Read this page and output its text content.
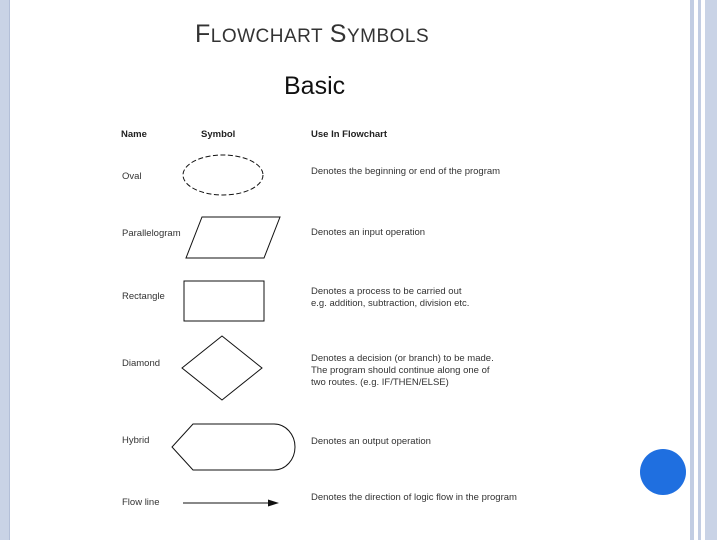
FLOWCHART SYMBOLS
Basic
Name	Symbol	Use In Flowchart
Oval	Denotes the beginning or end of the program
Parallelogram	Denotes an input operation
Rectangle	Denotes a process to be carried out
e.g. addition, subtraction, division etc.
Diamond	Denotes a decision (or branch) to be made.
The program should continue along one of
two routes. (e.g. IF/THEN/ELSE)
Hybrid	Denotes an output operation
Flow line	Denotes the direction of logic flow in the program
